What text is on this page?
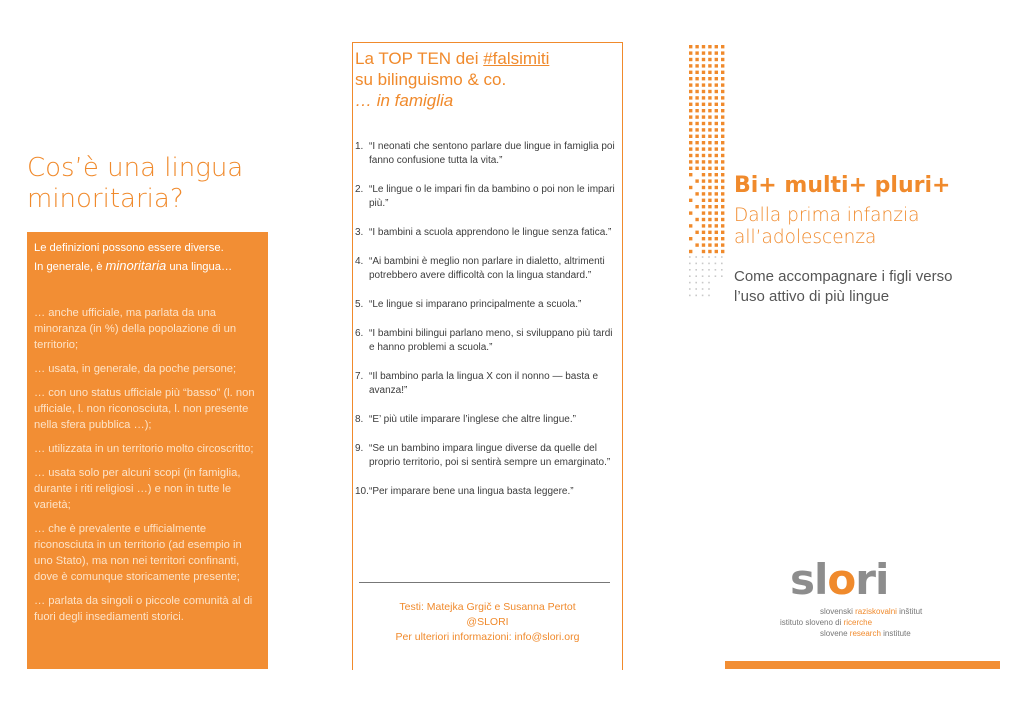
Cos’è una lingua minoritaria?
Le definizioni possono essere diverse.
In generale, è minoritaria una lingua…
… anche ufficiale, ma parlata da una minoranza (in %) della popolazione di un territorio;
… usata, in generale, da poche persone;
… con uno status ufficiale più “basso” (l. non ufficiale, l. non riconosciuta, l. non presente nella sfera pubblica …);
… utilizzata in un territorio molto circoscritto;
… usata solo per alcuni scopi (in famiglia, durante i riti religiosi …) e non in tutte le varietà;
… che è prevalente e ufficialmente riconosciuta in un territorio (ad esempio in uno Stato), ma non nei territori confinanti, dove è comunque storicamente presente;
… parlata da singoli o piccole comunità al di fuori degli insediamenti storici.
La TOP TEN dei #falsimiti
su bilinguismo & co.
… in famiglia
1. “I neonati che sentono parlare due lingue in famiglia poi fanno confusione tutta la vita.”
2. “Le lingue o le impari fin da bambino o poi non le impari più.”
3. “I bambini a scuola apprendono le lingue senza fatica.”
4. “Ai bambini è meglio non parlare in dialetto, altrimenti potrebbero avere difficoltà con la lingua standard.”
5. “Le lingue si imparano principalmente a scuola.”
6. “I bambini bilingui parlano meno, si sviluppano più tardi e hanno problemi a scuola.”
7. “Il bambino parla la lingua X con il nonno — basta e avanza!”
8. “E’ più utile imparare l’inglese che altre lingue.”
9. “Se un bambino impara lingue diverse da quelle del proprio territorio, poi si sentirà sempre un emarginato.”
10. “Per imparare bene una lingua basta leggere.”
Testi: Matejka Grgič e Susanna Pertot
@SLORI
Per ulteriori informazioni: info@slori.org
Bi+ multi+ pluri+
Dalla prima infanzia
all’adolescenza
Come accompagnare i figli verso
l’uso attivo di più lingue
slori
slovenski raziskovalni inštitut
istituto sloveno di ricerche
slovene research institute
